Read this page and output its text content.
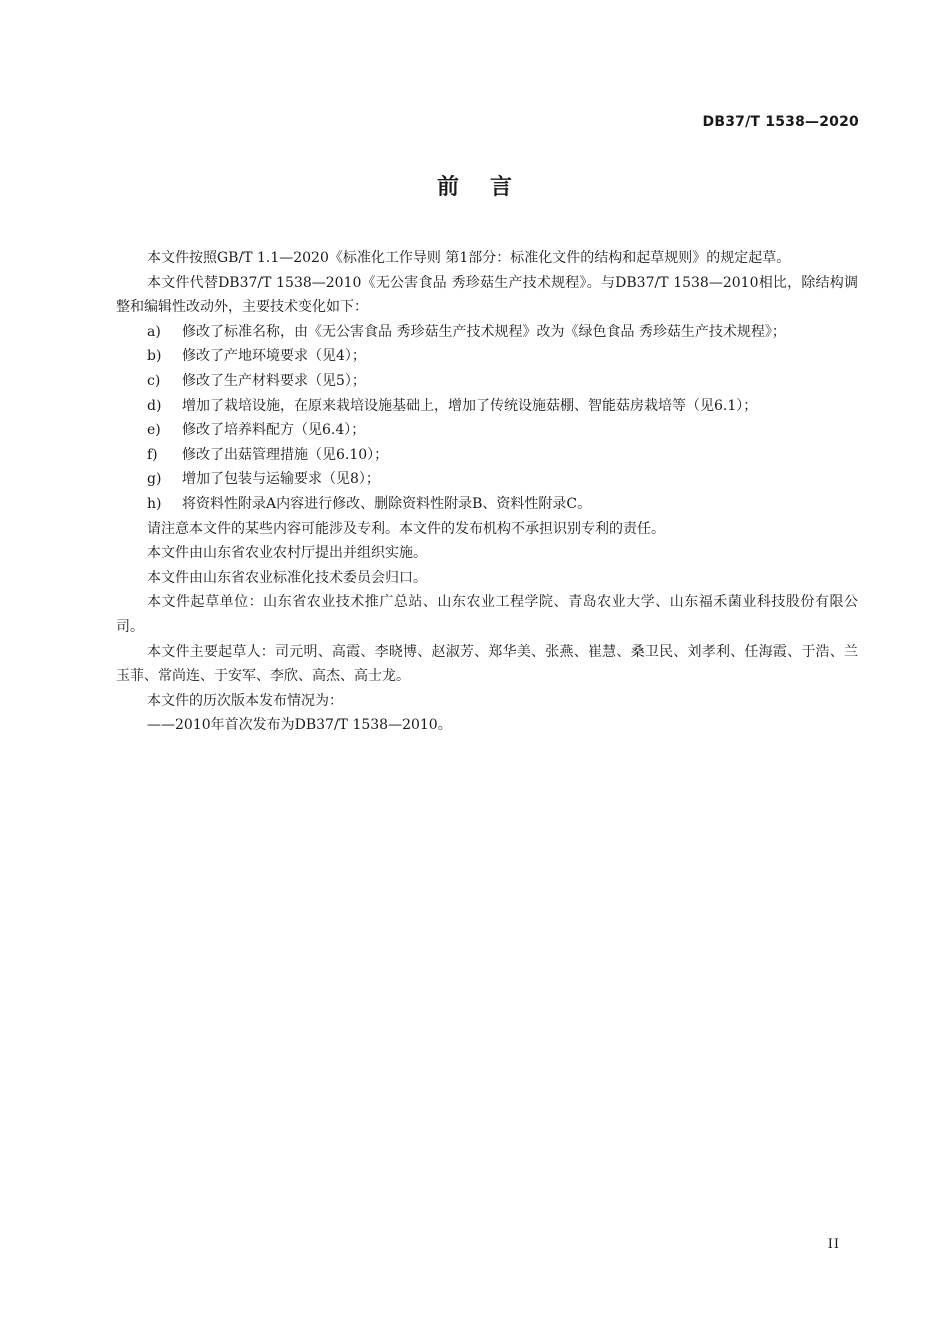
DB37/T 1538—2020
前 言

本文件按照GB/T 1.1—2020《标准化工作导则 第1部分：标准化文件的结构和起草规则》的规定起草。

本文件代替DB37/T 1538—2010《无公害食品 秀珍菇生产技术规程》。与DB37/T 1538—2010相比，除结构调整和编辑性改动外，主要技术变化如下：

a)	修改了标准名称，由《无公害食品 秀珍菇生产技术规程》改为《绿色食品 秀珍菇生产技术规程》；
b)	修改了产地环境要求（见4）；
c)	修改了生产材料要求（见5）；
d)	增加了栽培设施，在原来栽培设施基础上，增加了传统设施菇棚、智能菇房栽培等（见6.1）；
e)	修改了培养料配方（见6.4）；
f)	修改了出菇管理措施（见6.10）；
g)	增加了包装与运输要求（见8）；
h)	将资料性附录A内容进行修改、删除资料性附录B、资料性附录C。

请注意本文件的某些内容可能涉及专利。本文件的发布机构不承担识别专利的责任。

本文件由山东省农业农村厅提出并组织实施。

本文件由山东省农业标准化技术委员会归口。

本文件起草单位：山东省农业技术推广总站、山东农业工程学院、青岛农业大学、山东福禾菌业科技股份有限公司。

本文件主要起草人：司元明、高霞、李晓博、赵淑芳、郑华美、张燕、崔慧、桑卫民、刘孝利、任海霞、于浩、兰玉菲、常尚连、于安军、李欣、高杰、高士龙。

本文件的历次版本发布情况为：

——2010年首次发布为DB37/T 1538—2010。

II
